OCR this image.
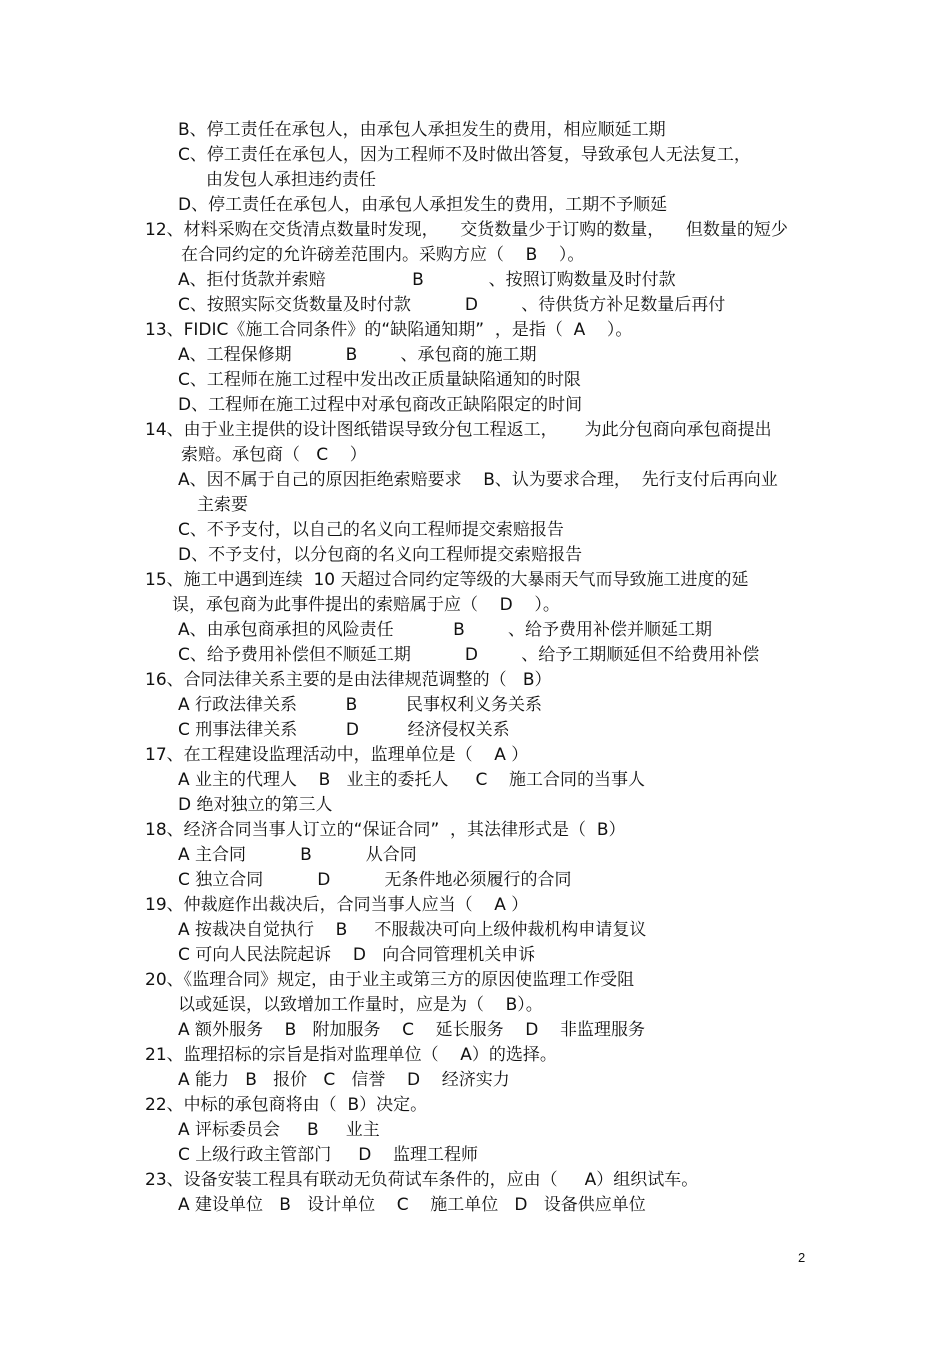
B、停工责任在承包人，由承包人承担发生的费用，相应顺延工期
C、停工责任在承包人，因为工程师不及时做出答复，导致承包人无法复工，
由发包人承担违约责任
D、停工责任在承包人，由承包人承担发生的费用，工期不予顺延
12、材料采购在交货清点数量时发现，    交货数量少于订购的数量，    但数量的短少
在合同约定的允许磅差范围内。采购方应（    B    ）。
A、拒付货款并索赔                B            、按照订购数量及时付款
C、按照实际交货数量及时付款          D        、待供货方补足数量后再付
13、FIDIC《施工合同条件》的“缺陷通知期”  ，是指（  A    ）。
A、工程保修期          B        、承包商的施工期
C、工程师在施工过程中发出改正质量缺陷通知的时限
D、工程师在施工过程中对承包商改正缺陷限定的时间
14、由于业主提供的设计图纸错误导致分包工程返工，     为此分包商向承包商提出
索赔。承包商（   C    ）
A、因不属于自己的原因拒绝索赔要求    B、认为要求合理，  先行支付后再向业
主索要
C、不予支付，以自己的名义向工程师提交索赔报告
D、不予支付，以分包商的名义向工程师提交索赔报告
15、施工中遇到连续  10 天超过合同约定等级的大暴雨天气而导致施工进度的延
误，承包商为此事件提出的索赔属于应（    D    ）。
A、由承包商承担的风险责任           B        、给予费用补偿并顺延工期
C、给予费用补偿但不顺延工期          D        、给予工期顺延但不给费用补偿
16、合同法律关系主要的是由法律规范调整的（   B）
A 行政法律关系         B         民事权利义务关系
C 刑事法律关系         D         经济侵权关系
17、在工程建设监理活动中，监理单位是（    A ）
A 业主的代理人    B   业主的委托人     C    施工合同的当事人
D 绝对独立的第三人
18、经济合同当事人订立的“保证合同”  ，其法律形式是（  B）
A 主合同          B          从合同
C 独立合同          D          无条件地必须履行的合同
19、仲裁庭作出裁决后，合同当事人应当（    A ）
A 按裁决自觉执行    B     不服裁决可向上级仲裁机构申请复议
C 可向人民法院起诉    D   向合同管理机关申诉
20、《监理合同》规定，由于业主或第三方的原因使监理工作受阻
以或延误，以致增加工作量时，应是为（    B）。
A 额外服务    B   附加服务    C    延长服务    D    非监理服务
21、监理招标的宗旨是指对监理单位（    A）的选择。
A 能力   B   报价   C   信誉    D    经济实力
22、中标的承包商将由（  B）决定。
A 评标委员会     B     业主
C 上级行政主管部门     D    监理工程师
23、设备安装工程具有联动无负荷试车条件的，应由（     A）组织试车。
A 建设单位   B   设计单位    C    施工单位   D   设备供应单位
2
